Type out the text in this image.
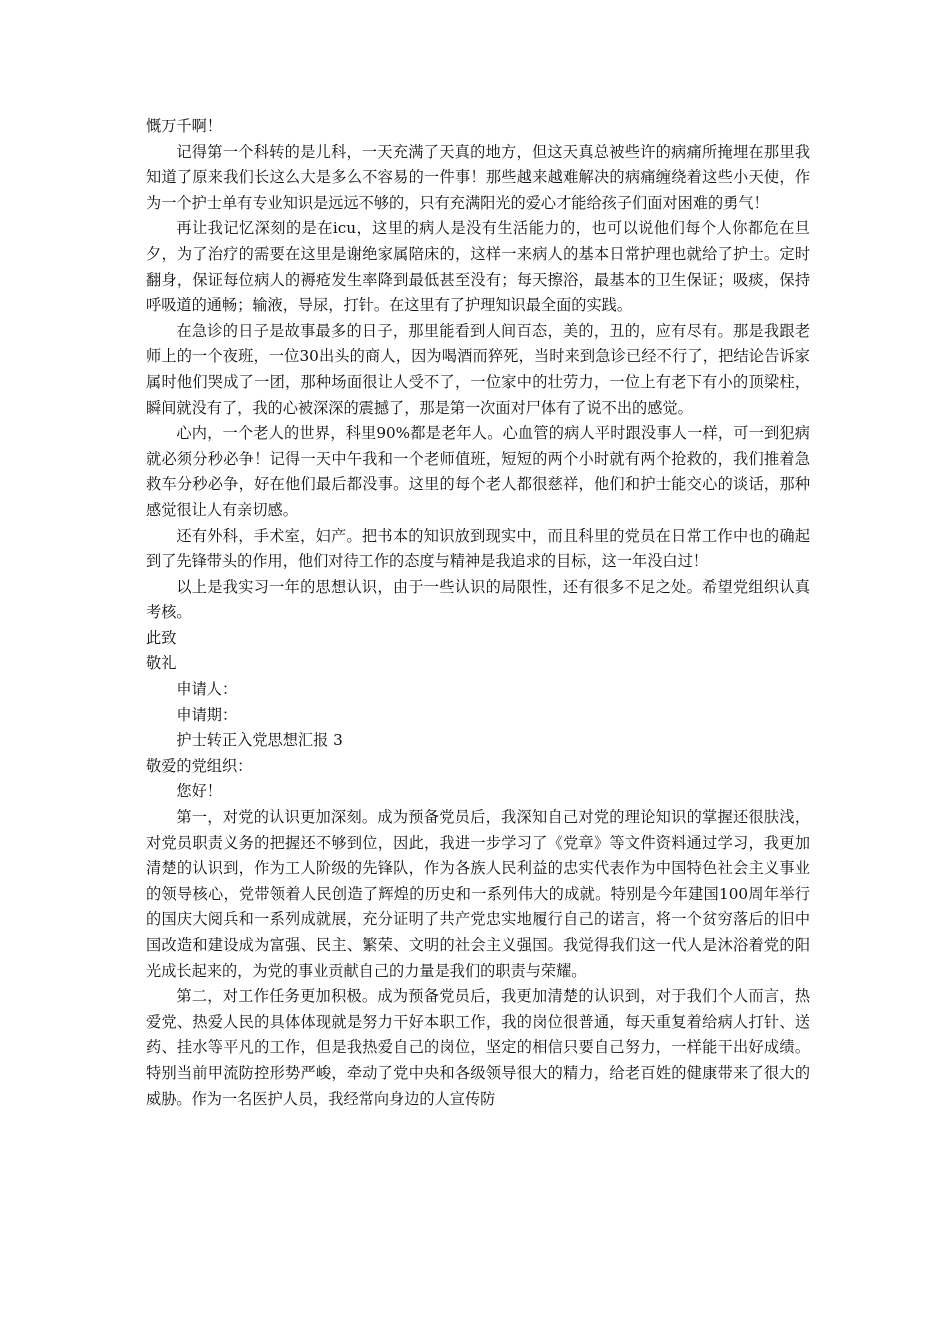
慨万千啊！

记得第一个科转的是儿科，一天充满了天真的地方，但这天真总被些许的病痛所掩埋在那里我知道了原来我们长这么大是多么不容易的一件事！那些越来越难解决的病痛缠绕着这些小天使，作为一个护士单有专业知识是远远不够的，只有充满阳光的爱心才能给孩子们面对困难的勇气！

再让我记忆深刻的是在icu，这里的病人是没有生活能力的，也可以说他们每个人你都危在旦夕，为了治疗的需要在这里是谢绝家属陪床的，这样一来病人的基本日常护理也就给了护士。定时翻身，保证每位病人的褥疮发生率降到最低甚至没有；每天擦浴，最基本的卫生保证；吸痰，保持呼吸道的通畅；输液，导尿，打针。在这里有了护理知识最全面的实践。

在急诊的日子是故事最多的日子，那里能看到人间百态，美的，丑的，应有尽有。那是我跟老师上的一个夜班，一位30出头的商人，因为喝酒而猝死，当时来到急诊已经不行了，把结论告诉家属时他们哭成了一团，那种场面很让人受不了，一位家中的壮劳力，一位上有老下有小的顶梁柱，瞬间就没有了，我的心被深深的震撼了，那是第一次面对尸体有了说不出的感觉。

心内，一个老人的世界，科里90%都是老年人。心血管的病人平时跟没事人一样，可一到犯病就必须分秒必争！记得一天中午我和一个老师值班，短短的两个小时就有两个抢救的，我们推着急救车分秒必争，好在他们最后都没事。这里的每个老人都很慈祥，他们和护士能交心的谈话，那种感觉很让人有亲切感。

还有外科，手术室，妇产。把书本的知识放到现实中，而且科里的党员在日常工作中也的确起到了先锋带头的作用，他们对待工作的态度与精神是我追求的目标，这一年没白过！

以上是我实习一年的思想认识，由于一些认识的局限性，还有很多不足之处。希望党组织认真考核。

此致

敬礼

申请人：

申请期：

护士转正入党思想汇报 3

敬爱的党组织：

您好！

第一，对党的认识更加深刻。成为预备党员后，我深知自己对党的理论知识的掌握还很肤浅，对党员职责义务的把握还不够到位，因此，我进一步学习了《党章》等文件资料通过学习，我更加清楚的认识到，作为工人阶级的先锋队，作为各族人民利益的忠实代表作为中国特色社会主义事业的领导核心，党带领着人民创造了辉煌的历史和一系列伟大的成就。特别是今年建国100周年举行的国庆大阅兵和一系列成就展，充分证明了共产党忠实地履行自己的诺言，将一个贫穷落后的旧中国改造和建设成为富强、民主、繁荣、文明的社会主义强国。我觉得我们这一代人是沐浴着党的阳光成长起来的，为党的事业贡献自己的力量是我们的职责与荣耀。

第二，对工作任务更加积极。成为预备党员后，我更加清楚的认识到，对于我们个人而言，热爱党、热爱人民的具体体现就是努力干好本职工作，我的岗位很普通，每天重复着给病人打针、送药、挂水等平凡的工作，但是我热爱自己的岗位，坚定的相信只要自己努力，一样能干出好成绩。特别当前甲流防控形势严峻，牵动了党中央和各级领导很大的精力，给老百姓的健康带来了很大的威胁。作为一名医护人员，我经常向身边的人宣传防
